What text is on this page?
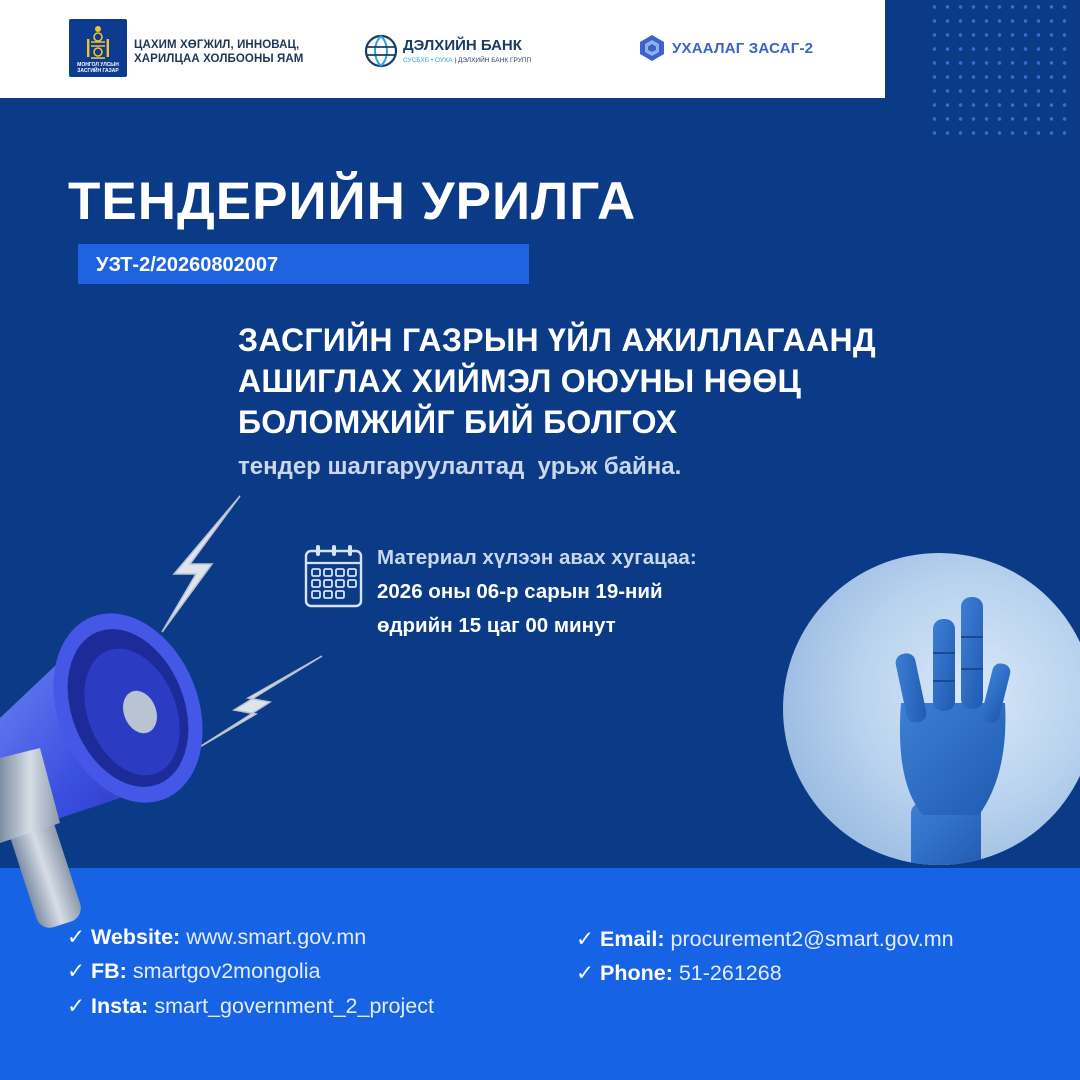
МОНГОЛ УЛСЫН ЗАСГИЙН ГАЗАР
ЦАХИМ ХӨГЖИЛ, ИННОВАЦ,
ХАРИЛЦАА ХОЛБООНЫ ЯАМ
ДЭЛХИЙН БАНК
СУСБХБ • ОУХА | ДЭЛХИЙН БАНК ГРУПП
УХААЛАГ ЗАСАГ-2
ТЕНДЕРИЙН УРИЛГА
УЗТ-2/20260802007
ЗАСГИЙН ГАЗРЫН ҮЙЛ АЖИЛЛАГААНД
АШИГЛАХ ХИЙМЭЛ ОЮУНЫ НӨӨЦ
БОЛОМЖИЙГ БИЙ БОЛГОХ
тендер шалгаруулалтад  урьж байна.
Материал хүлээн авах хугацаа:
2026 оны 06-р сарын 19-ний
өдрийн 15 цаг 00 минут
✓ Website: www.smart.gov.mn
✓ FB: smartgov2mongolia
✓ Insta: smart_government_2_project
✓ Email: procurement2@smart.gov.mn
✓ Phone: 51-261268
